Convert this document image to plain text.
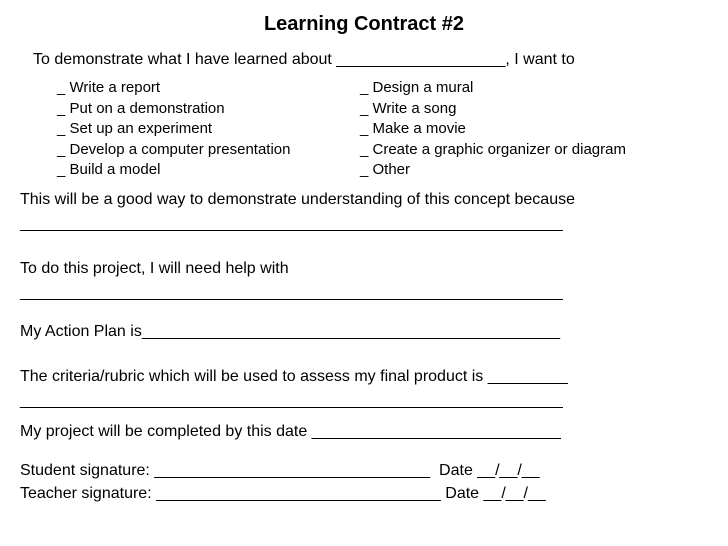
Learning Contract #2
To demonstrate what I have learned about ___________________, I want to
_ Write a report
_ Put on a demonstration
_ Set up an experiment
_ Develop a computer presentation
_ Build a model
_ Design a mural
_ Write a song
_ Make a movie
_ Create a graphic organizer or diagram
_ Other
This will be a good way to demonstrate understanding of this concept because
_____________________________________________________________
To do this project, I will need help with
_____________________________________________________________
My Action Plan is_______________________________________________
The criteria/rubric which will be used to assess my final product is _________
_____________________________________________________________
My project will be completed by this date ____________________________
Student signature: _______________________________  Date __/__/__
Teacher signature: ________________________________ Date __/__/__
